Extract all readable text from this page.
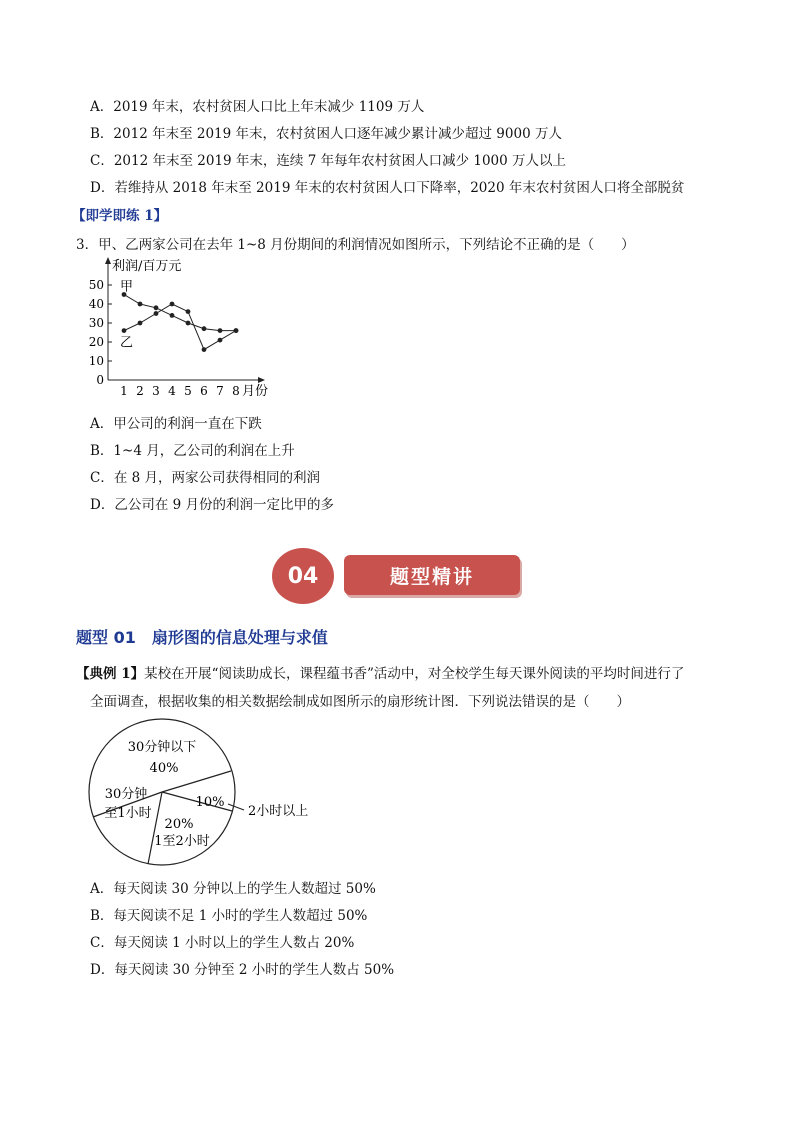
A．2019 年末，农村贫困人口比上年末减少 1109 万人
B．2012 年末至 2019 年末，农村贫困人口逐年减少累计减少超过 9000 万人
C．2012 年末至 2019 年末，连续 7 年每年农村贫困人口减少 1000 万人以上
D．若维持从 2018 年末至 2019 年末的农村贫困人口下降率，2020 年末农村贫困人口将全部脱贫
【即学即练 1】
3．甲、乙两家公司在去年 1~8 月份期间的利润情况如图所示，下列结论不正确的是（　　）
0
10
20
30
40
50
1 2 3 4 5 6 7 8 月份
利润/百万元
甲
乙
A．甲公司的利润一直在下跌
B．1~4 月，乙公司的利润在上升
C．在 8 月，两家公司获得相同的利润
D．乙公司在 9 月份的利润一定比甲的多
04	题型精讲
题型 01　 扇形图的信息处理与求值
【典例 1】某校在开展“阅读助成长，课程蕴书香”活动中，对全校学生每天课外阅读的平均时间进行了
全面调查，根据收集的相关数据绘制成如图所示的扇形统计图．下列说法错误的是（　　）
30分钟以下
40%
30分钟
至1小时
20%
1至2小时
10%
2小时以上
A．每天阅读 30 分钟以上的学生人数超过 50%
B．每天阅读不足 1 小时的学生人数超过 50%
C．每天阅读 1 小时以上的学生人数占 20%
D．每天阅读 30 分钟至 2 小时的学生人数占 50%
